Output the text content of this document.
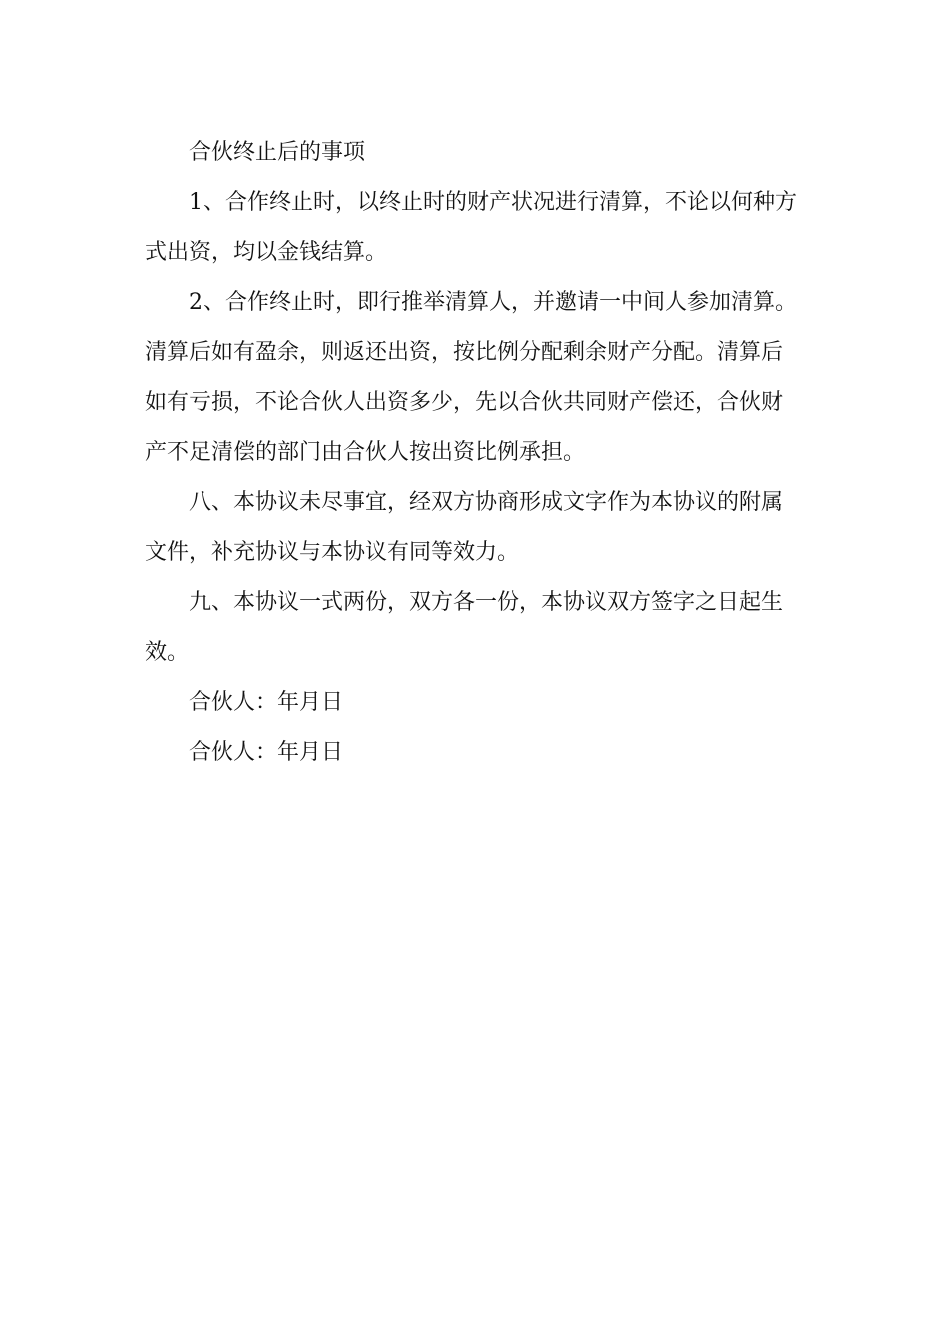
合伙终止后的事项
1、合作终止时，以终止时的财产状况进行清算，不论以何种方
式出资，均以金钱结算。
2、合作终止时，即行推举清算人，并邀请一中间人参加清算。
清算后如有盈余，则返还出资，按比例分配剩余财产分配。清算后
如有亏损，不论合伙人出资多少，先以合伙共同财产偿还，合伙财
产不足清偿的部门由合伙人按出资比例承担。
八、本协议未尽事宜，经双方协商形成文字作为本协议的附属
文件，补充协议与本协议有同等效力。
九、本协议一式两份，双方各一份，本协议双方签字之日起生
效。
合伙人：年月日
合伙人：年月日
